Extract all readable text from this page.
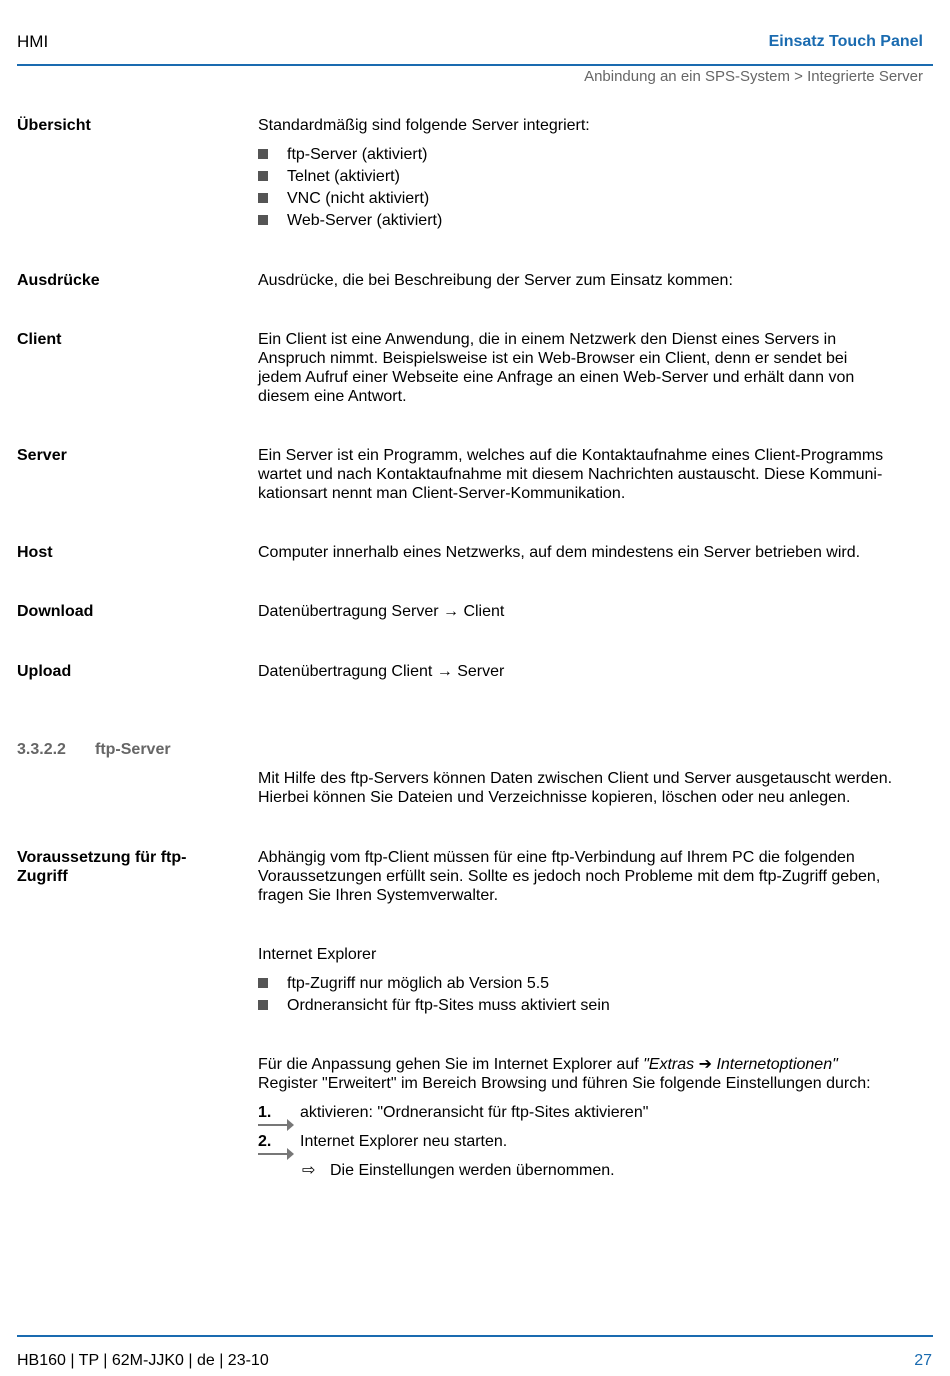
HMI	Einsatz Touch Panel
Anbindung an ein SPS-System > Integrierte Server
Übersicht	Standardmäßig sind folgende Server integriert:
ftp-Server (aktiviert)
Telnet (aktiviert)
VNC (nicht aktiviert)
Web-Server (aktiviert)
Ausdrücke	Ausdrücke, die bei Beschreibung der Server zum Einsatz kommen:
Client	Ein Client ist eine Anwendung, die in einem Netzwerk den Dienst eines Servers in
Anspruch nimmt. Beispielsweise ist ein Web-Browser ein Client, denn er sendet bei
jedem Aufruf einer Webseite eine Anfrage an einen Web-Server und erhält dann von
diesem eine Antwort.
Server	Ein Server ist ein Programm, welches auf die Kontaktaufnahme eines Client-Programms
wartet und nach Kontaktaufnahme mit diesem Nachrichten austauscht. Diese Kommuni-
kationsart nennt man Client-Server-Kommunikation.
Host	Computer innerhalb eines Netzwerks, auf dem mindestens ein Server betrieben wird.
Download	Datenübertragung Server → Client
Upload	Datenübertragung Client → Server
3.3.2.2 ftp-Server
Mit Hilfe des ftp-Servers können Daten zwischen Client und Server ausgetauscht werden.
Hierbei können Sie Dateien und Verzeichnisse kopieren, löschen oder neu anlegen.
Voraussetzung für ftp-
Zugriff
Abhängig vom ftp-Client müssen für eine ftp-Verbindung auf Ihrem PC die folgenden
Voraussetzungen erfüllt sein. Sollte es jedoch noch Probleme mit dem ftp-Zugriff geben,
fragen Sie Ihren Systemverwalter.
Internet Explorer
ftp-Zugriff nur möglich ab Version 5.5
Ordneransicht für ftp-Sites muss aktiviert sein
Für die Anpassung gehen Sie im Internet Explorer auf "Extras ➔ Internetoptionen"
Register "Erweitert" im Bereich Browsing und führen Sie folgende Einstellungen durch:
1. aktivieren: "Ordneransicht für ftp-Sites aktivieren"
2. Internet Explorer neu starten.
⇨ Die Einstellungen werden übernommen.
HB160 | TP | 62M-JJK0 | de | 23-10	27
